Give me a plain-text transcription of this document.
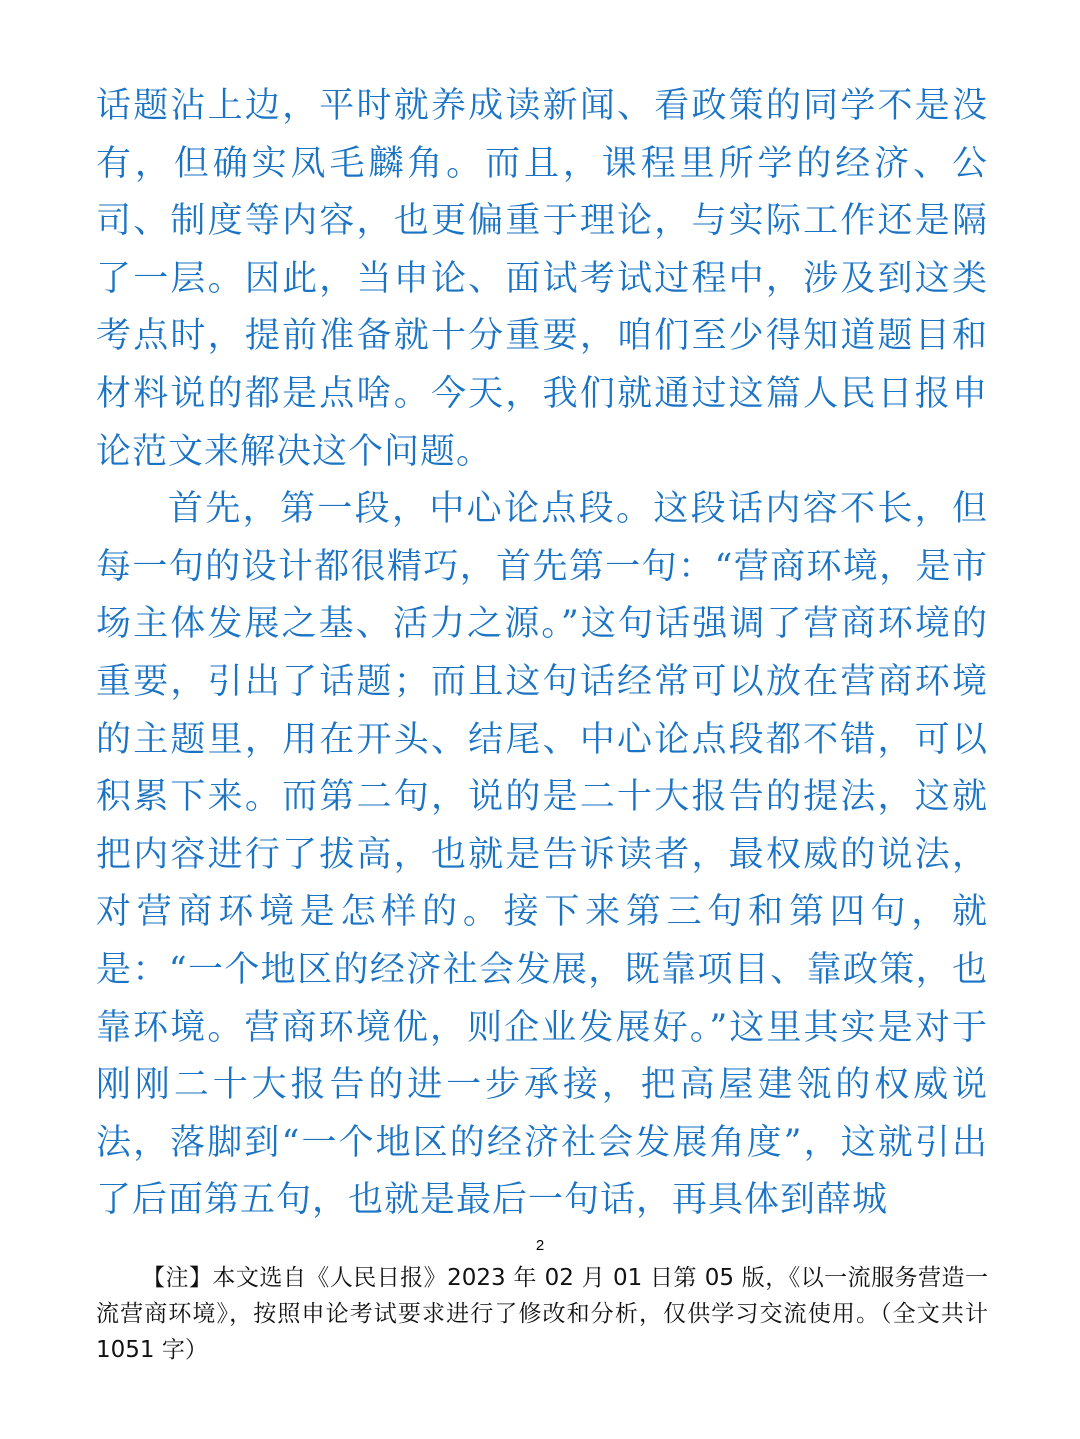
话题沾上边，平时就养成读新闻、看政策的同学不是没有，但确实凤毛麟角。而且，课程里所学的经济、公司、制度等内容，也更偏重于理论，与实际工作还是隔了一层。因此，当申论、面试考试过程中，涉及到这类考点时，提前准备就十分重要，咱们至少得知道题目和材料说的都是点啥。今天，我们就通过这篇人民日报申论范文来解决这个问题。

首先，第一段，中心论点段。这段话内容不长，但每一句的设计都很精巧，首先第一句：“营商环境，是市场主体发展之基、活力之源。”这句话强调了营商环境的重要，引出了话题；而且这句话经常可以放在营商环境的主题里，用在开头、结尾、中心论点段都不错，可以积累下来。而第二句，说的是二十大报告的提法，这就把内容进行了拔高，也就是告诉读者，最权威的说法，对营商环境是怎样的。接下来第三句和第四句，就是：“一个地区的经济社会发展，既靠项目、靠政策，也靠环境。营商环境优，则企业发展好。”这里其实是对于刚刚二十大报告的进一步承接，把高屋建瓴的权威说法，落脚到“一个地区的经济社会发展角度”，这就引出了后面第五句，也就是最后一句话，再具体到薛城

2
【注】本文选自《人民日报》2023 年 02 月 01 日第 05 版，《以一流服务营造一流营商环境》，按照申论考试要求进行了修改和分析，仅供学习交流使用。（全文共计 1051 字）
